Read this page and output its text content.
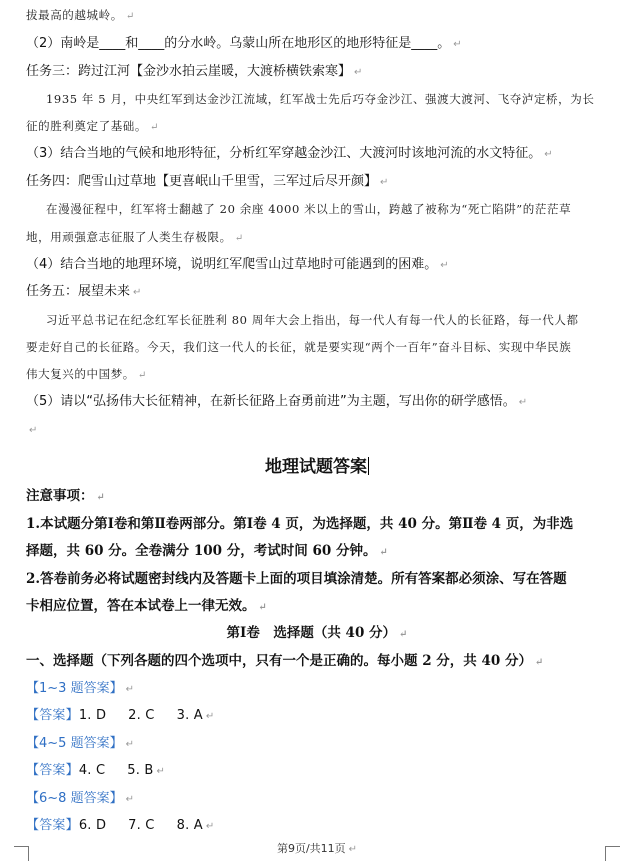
拔最高的越城岭。 ↵
（2）南岭是____和____的分水岭。乌蒙山所在地形区的地形特征是____。 ↵
任务三：跨过江河【金沙水拍云崖暖，大渡桥横铁索寒】 ↵
1935 年 5 月，中央红军到达金沙江流域，红军战士先后巧夺金沙江、强渡大渡河、飞夺泸定桥，为长
征的胜利奠定了基础。 ↵
（3）结合当地的气候和地形特征，分析红军穿越金沙江、大渡河时该地河流的水文特征。 ↵
任务四：爬雪山过草地【更喜岷山千里雪，三军过后尽开颜】 ↵
在漫漫征程中，红军将士翻越了 20 余座 4000 米以上的雪山，跨越了被称为“死亡陷阱”的茫茫草
地，用顽强意志征服了人类生存极限。 ↵
（4）结合当地的地理环境，说明红军爬雪山过草地时可能遇到的困难。 ↵
任务五：展望未来 ↵
习近平总书记在纪念红军长征胜利 80 周年大会上指出，每一代人有每一代人的长征路，每一代人都
要走好自己的长征路。今天，我们这一代人的长征，就是要实现“两个一百年”奋斗目标、实现中华民族
伟大复兴的中国梦。 ↵
（5）请以“弘扬伟大长征精神，在新长征路上奋勇前进”为主题，写出你的研学感悟。 ↵
↵
地理试题答案
注意事项： ↵
1.本试题分第Ⅰ卷和第Ⅱ卷两部分。第Ⅰ卷 4 页，为选择题，共 40 分。第Ⅱ卷 4 页，为非选
择题，共 60 分。全卷满分 100 分，考试时间 60 分钟。 ↵
2.答卷前务必将试题密封线内及答题卡上面的项目填涂清楚。所有答案都必须涂、写在答题
卡相应位置，答在本试卷上一律无效。 ↵
第Ⅰ卷　选择题（共 40 分） ↵
一、选择题（下列各题的四个选项中，只有一个是正确的。每小题 2 分，共 40 分） ↵
【1~3 题答案】 ↵
【答案】1. D 2. C 3. A ↵
【4~5 题答案】 ↵
【答案】4. C 5. B ↵
【6~8 题答案】 ↵
【答案】6. D 7. C 8. A ↵
第9页/共11页 ↵
